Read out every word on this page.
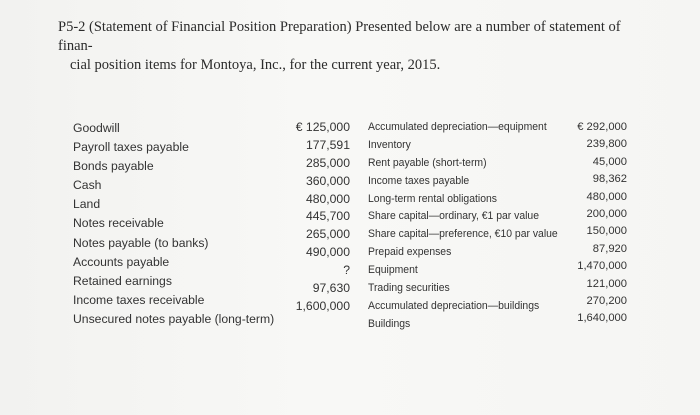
P5-2 (Statement of Financial Position Preparation) Presented below are a number of statement of finan-
cial position items for Montoya, Inc., for the current year, 2015.
Goodwill
Payroll taxes payable
Bonds payable
Cash
Land
Notes receivable
Notes payable (to banks)
Accounts payable
Retained earnings
Income taxes receivable
Unsecured notes payable (long-term)
€ 125,000
177,591
285,000
360,000
480,000
445,700
265,000
490,000
?
97,630
1,600,000
Accumulated depreciation—equipment
Inventory
Rent payable (short-term)
Income taxes payable
Long-term rental obligations
Share capital—ordinary, €1 par value
Share capital—preference, €10 par value
Prepaid expenses
Equipment
Trading securities
Accumulated depreciation—buildings
Buildings
€ 292,000
239,800
45,000
98,362
480,000
200,000
150,000
87,920
1,470,000
121,000
270,200
1,640,000
